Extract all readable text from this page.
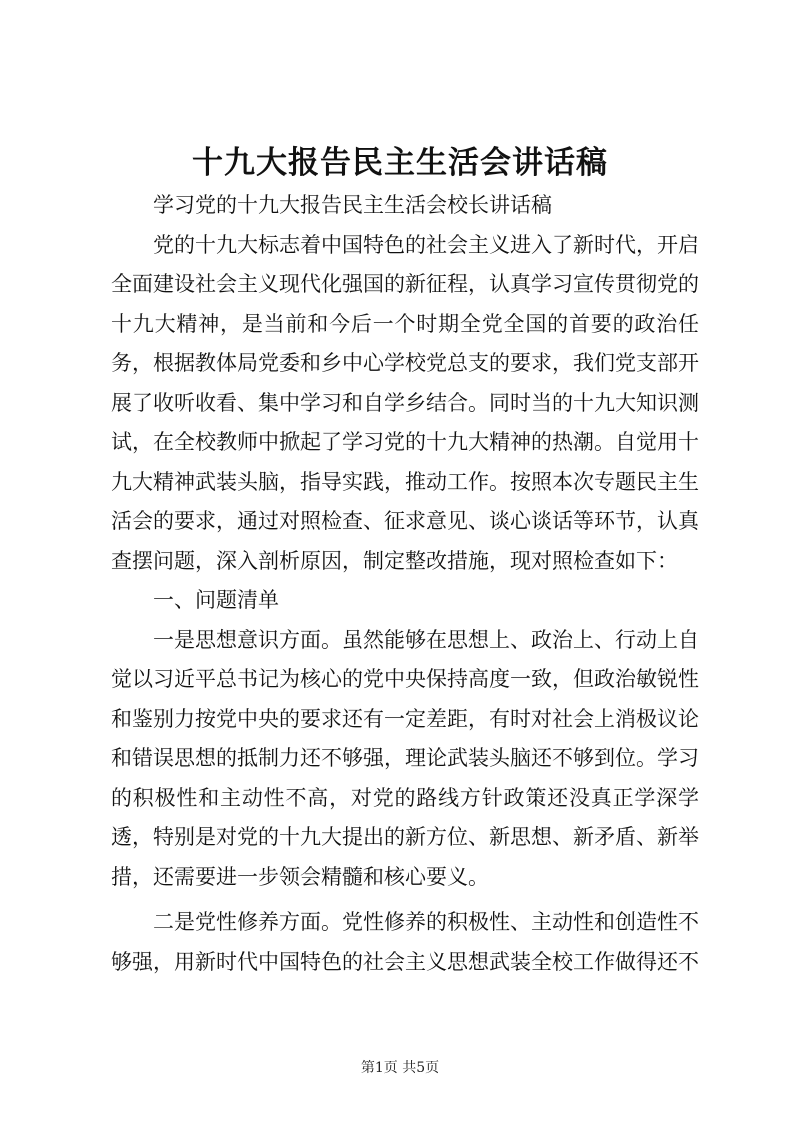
十九大报告民主生活会讲话稿

学习党的十九大报告民主生活会校长讲话稿

党的十九大标志着中国特色的社会主义进入了新时代，开启全面建设社会主义现代化强国的新征程，认真学习宣传贯彻党的十九大精神，是当前和今后一个时期全党全国的首要的政治任务，根据教体局党委和乡中心学校党总支的要求，我们党支部开展了收听收看、集中学习和自学乡结合。同时当的十九大知识测试，在全校教师中掀起了学习党的十九大精神的热潮。自觉用十九大精神武装头脑，指导实践，推动工作。按照本次专题民主生活会的要求，通过对照检查、征求意见、谈心谈话等环节，认真查摆问题，深入剖析原因，制定整改措施，现对照检查如下：

一、问题清单

一是思想意识方面。虽然能够在思想上、政治上、行动上自觉以习近平总书记为核心的党中央保持高度一致，但政治敏锐性和鉴别力按党中央的要求还有一定差距，有时对社会上消极议论和错误思想的抵制力还不够强，理论武装头脑还不够到位。学习的积极性和主动性不高，对党的路线方针政策还没真正学深学透，特别是对党的十九大提出的新方位、新思想、新矛盾、新举措，还需要进一步领会精髓和核心要义。

二是党性修养方面。党性修养的积极性、主动性和创造性不够强，用新时代中国特色的社会主义思想武装全校工作做得还不

第1页 共5页
